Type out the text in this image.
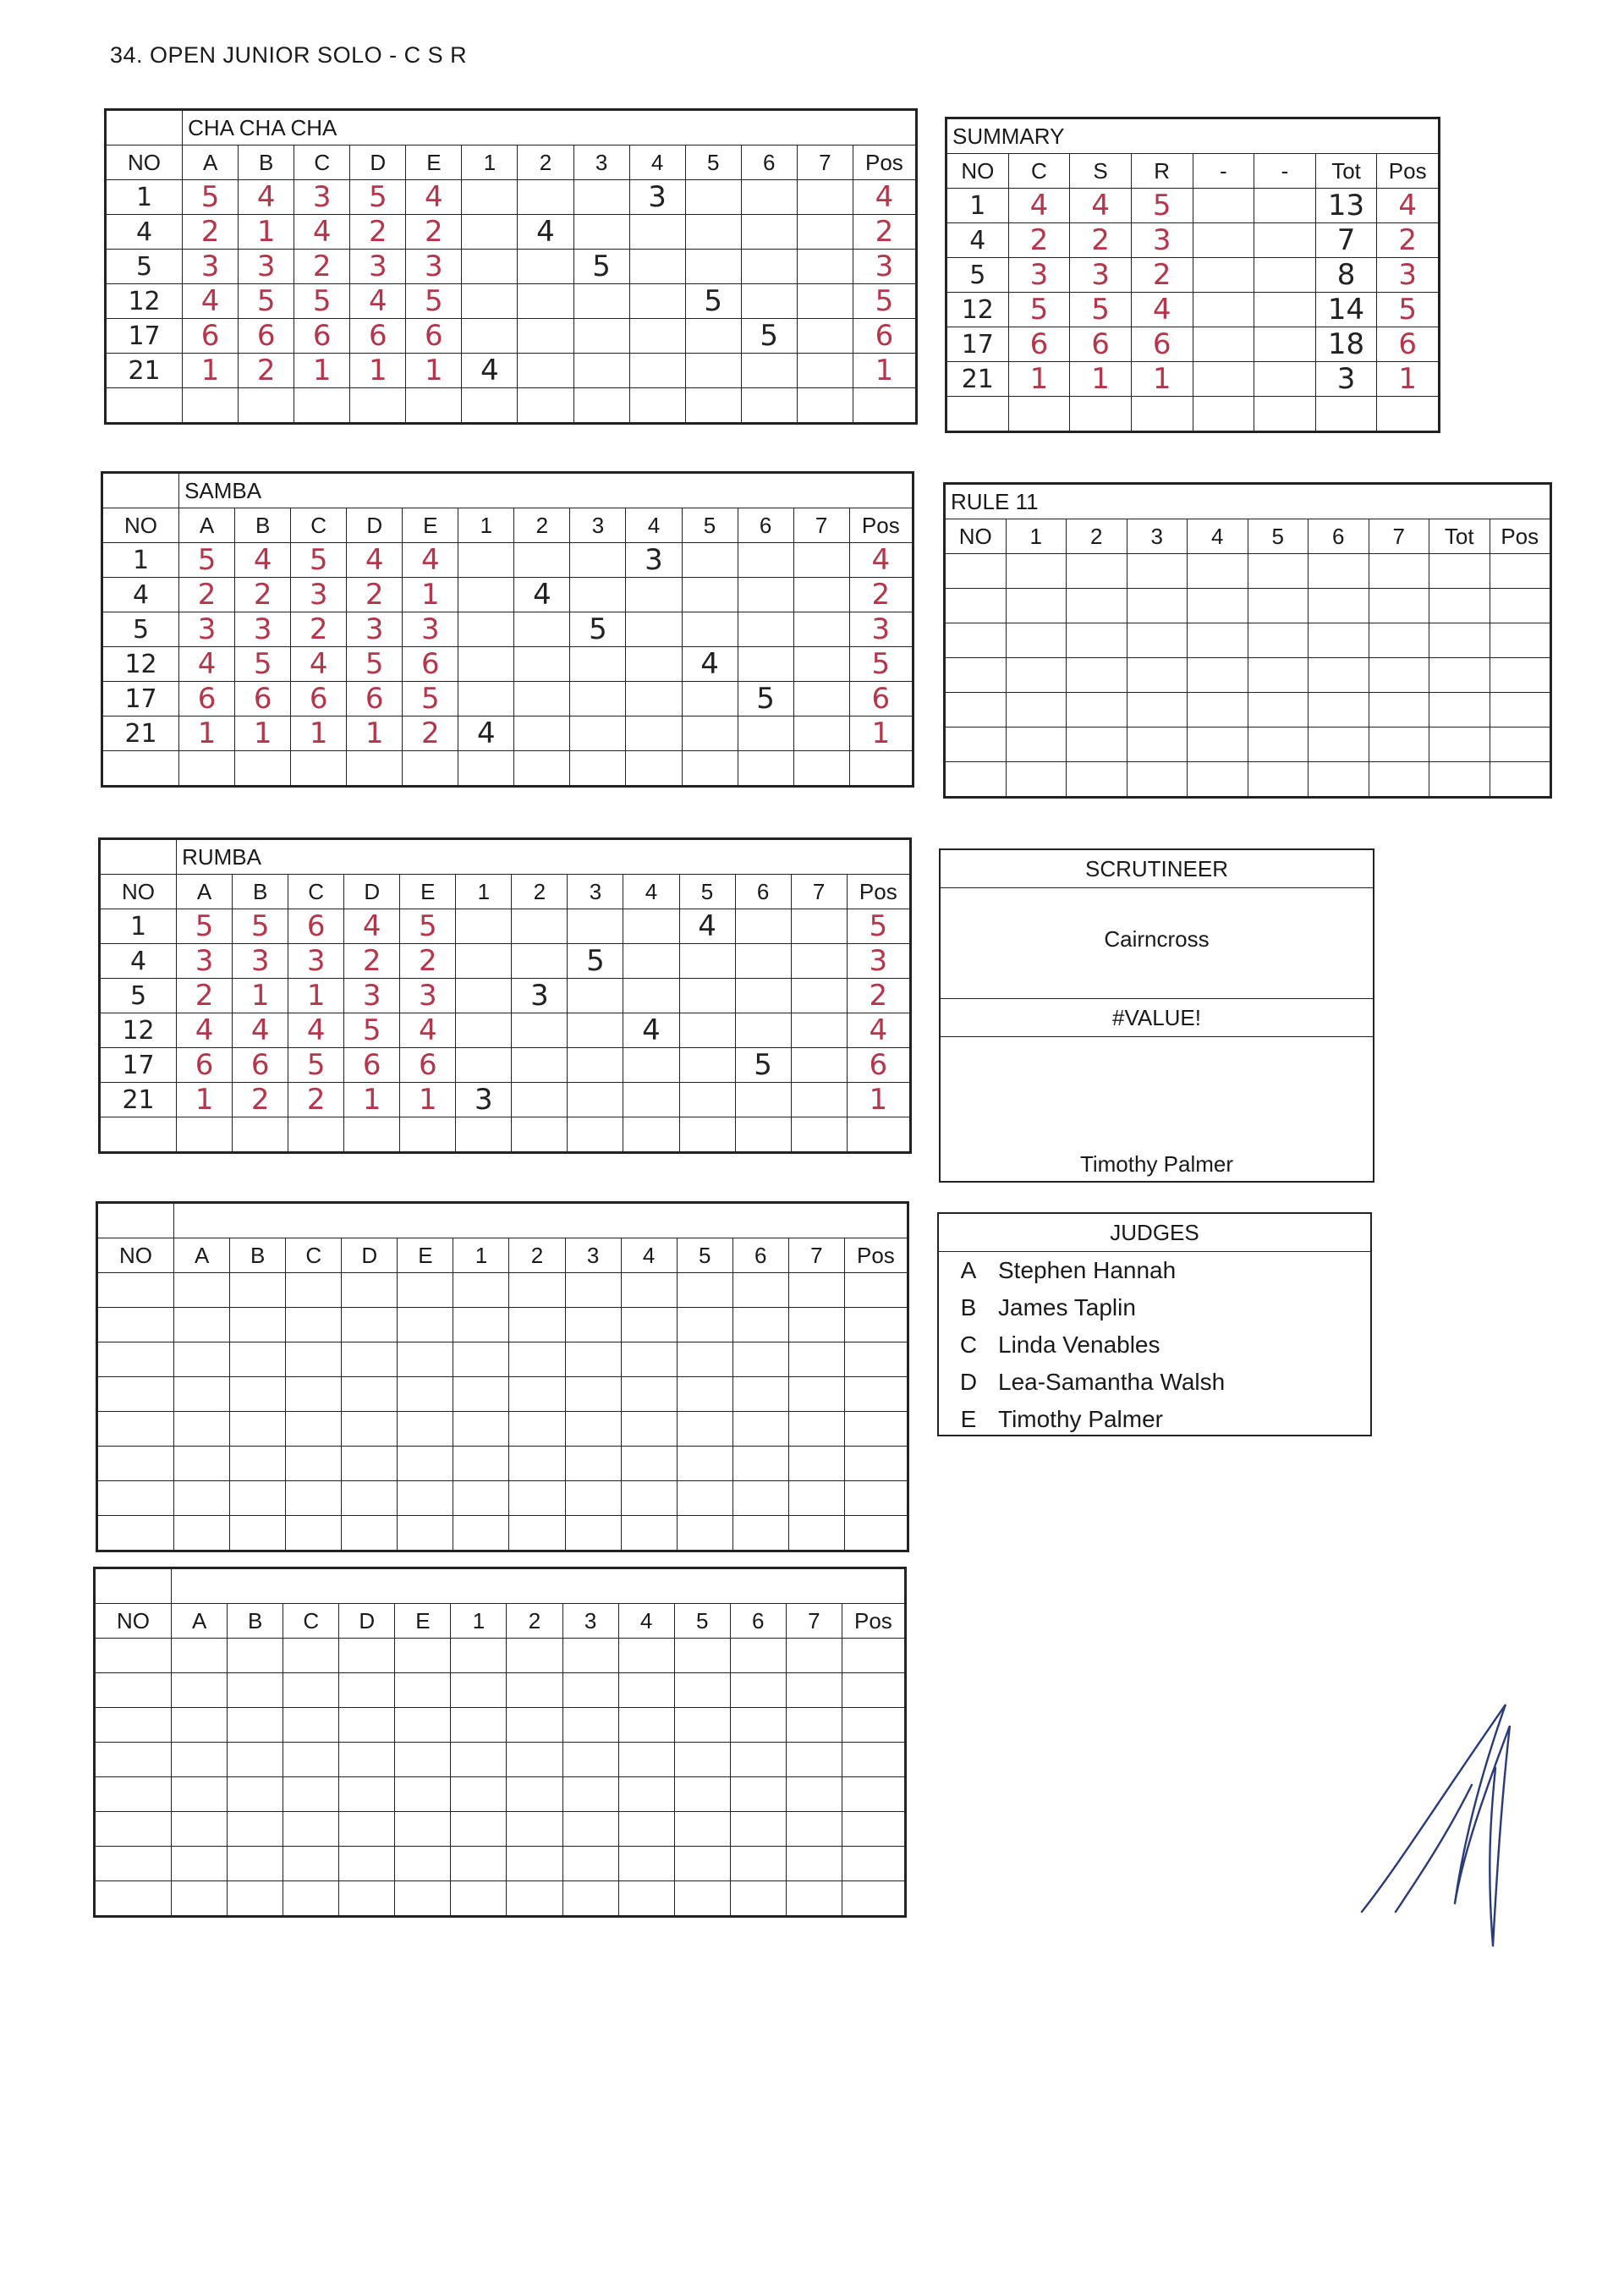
34. OPEN JUNIOR SOLO - C S R
	CHA CHA CHA												
NO	A	B	C	D	E	1	2	3	4	5	6	7	Pos
1	5	4	3	5	4				3				4
4	2	1	4	2	2		4						2
5	3	3	2	3	3			5					3
12	4	5	5	4	5					5			5
17	6	6	6	6	6						5		6
21	1	2	1	1	1	4							1

	SAMBA												
NO	A	B	C	D	E	1	2	3	4	5	6	7	Pos
1	5	4	5	4	4				3				4
4	2	2	3	2	1		4						2
5	3	3	2	3	3			5					3
12	4	5	4	5	6					4			5
17	6	6	6	6	5						5		6
21	1	1	1	1	2	4							1

	RUMBA												
NO	A	B	C	D	E	1	2	3	4	5	6	7	Pos
1	5	5	6	4	5					4			5
4	3	3	3	2	2			5					3
5	2	1	1	3	3		3						2
12	4	4	4	5	4				4				4
17	6	6	5	6	6						5		6
21	1	2	2	1	1	3							1

NO	A	B	C	D	E	1	2	3	4	5	6	7	Pos

NO	A	B	C	D	E	1	2	3	4	5	6	7	Pos

SUMMARY							
NO	C	S	R	-	-	Tot	Pos
1	4	4	5			13	4
4	2	2	3			7	2
5	3	3	2			8	3
12	5	5	4			14	5
17	6	6	6			18	6
21	1	1	1			3	1

RULE 11									
NO	1	2	3	4	5	6	7	Tot	Pos

SCRUTINEER
Cairncross
#VALUE!
Timothy Palmer
JUDGES
A Stephen Hannah
B James Taplin
C Linda Venables
D Lea-Samantha Walsh
E Timothy Palmer
